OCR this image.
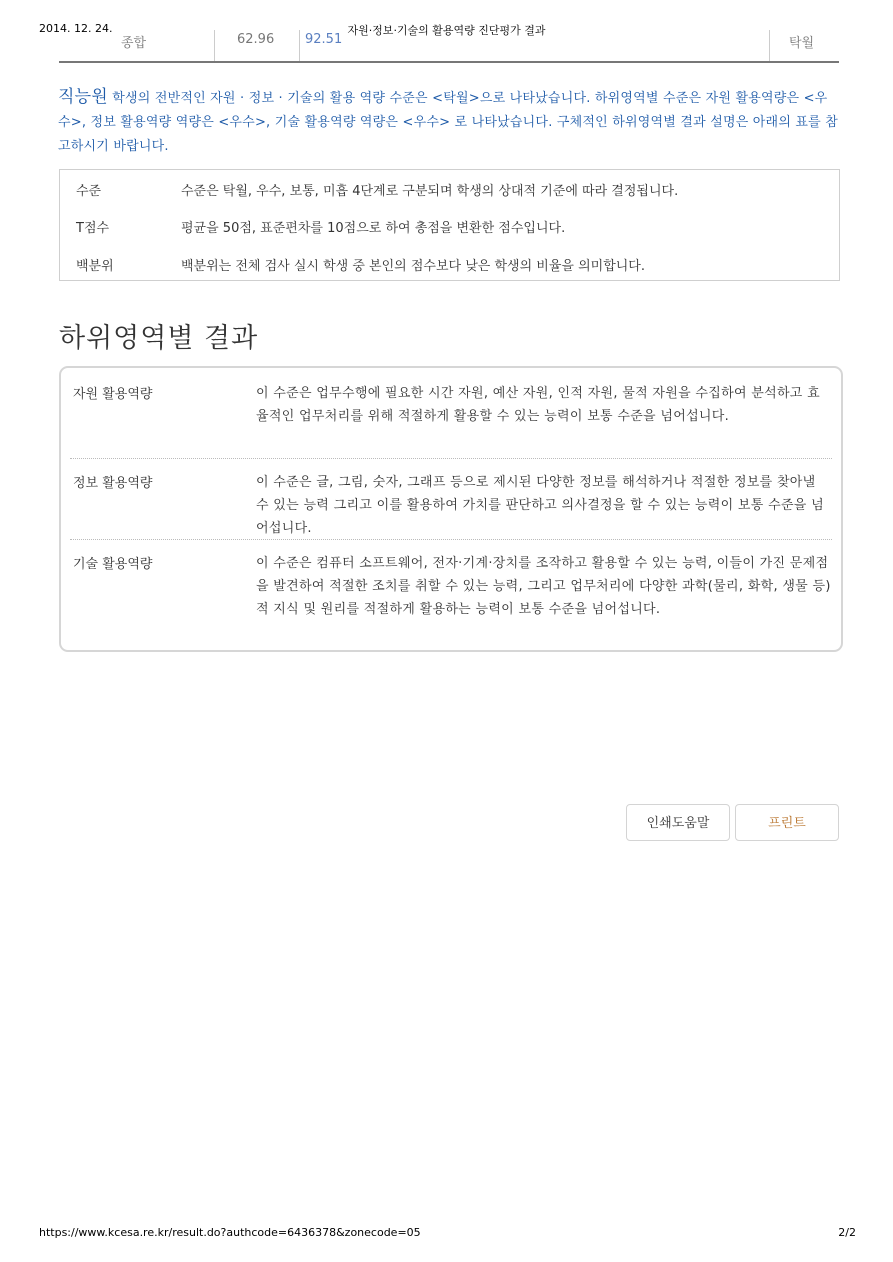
2014. 12. 24.	자원·정보·기술의 활용역량 진단평가 결과
종합	62.96 92.51	탁월
직능원 학생의 전반적인 자원 · 정보 · 기술의 활용 역량 수준은 <탁월>으로 나타났습니다. 하위영역별 수준은 자원 활용역량은 <우수>, 정보 활용역량 역량은 <우수>, 기술 활용역량 역량은 <우수> 로 나타났습니다. 구체적인 하위영역별 결과 설명은 아래의 표를 참고하시기 바랍니다.
수준	수준은 탁월, 우수, 보통, 미흡 4단계로 구분되며 학생의 상대적 기준에 따라 결정됩니다.
T점수	평균을 50점, 표준편차를 10점으로 하여 총점을 변환한 점수입니다.
백분위	백분위는 전체 검사 실시 학생 중 본인의 점수보다 낮은 학생의 비율을 의미합니다.
하위영역별 결과
자원 활용역량	이 수준은 업무수행에 필요한 시간 자원, 예산 자원, 인적 자원, 물적 자원을 수집하여 분석하고 효율적인 업무처리를 위해 적절하게 활용할 수 있는 능력이 보통 수준을 넘어섭니다.
정보 활용역량	이 수준은 글, 그림, 숫자, 그래프 등으로 제시된 다양한 정보를 해석하거나 적절한 정보를 찾아낼 수 있는 능력 그리고 이를 활용하여 가치를 판단하고 의사결정을 할 수 있는 능력이 보통 수준을 넘어섭니다.
기술 활용역량	이 수준은 컴퓨터 소프트웨어, 전자·기계·장치를 조작하고 활용할 수 있는 능력, 이들이 가진 문제점을 발견하여 적절한 조치를 취할 수 있는 능력, 그리고 업무처리에 다양한 과학(물리, 화학, 생물 등)적 지식 및 원리를 적절하게 활용하는 능력이 보통 수준을 넘어섭니다.
인쇄도움말	프린트
https://www.kcesa.re.kr/result.do?authcode=6436378&zonecode=05	2/2
